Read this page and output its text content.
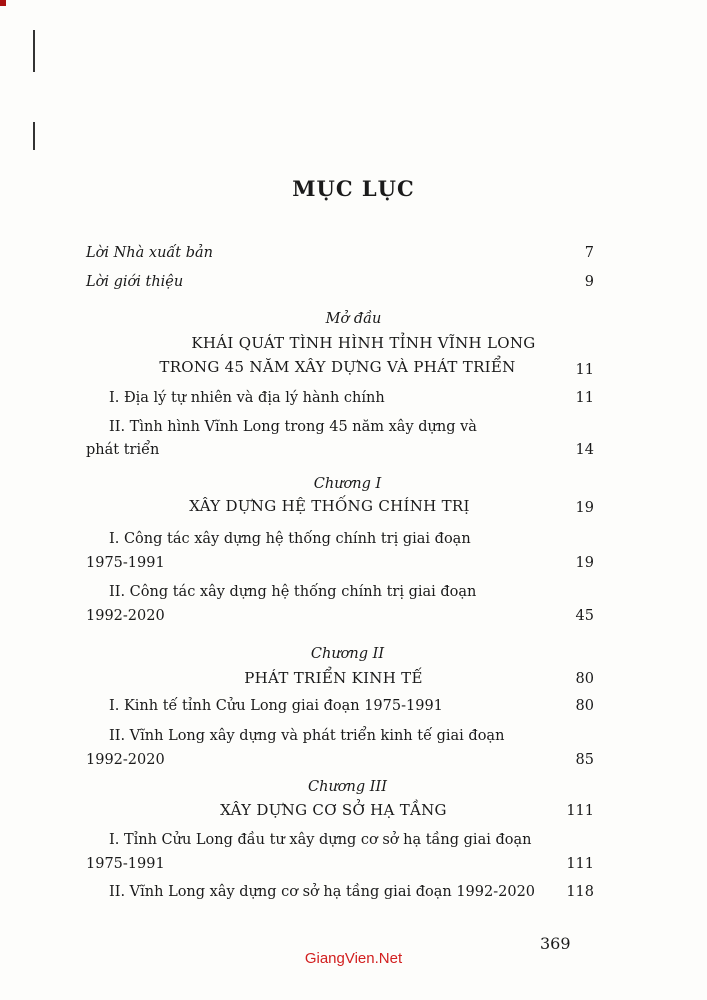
MỤC LỤC
Lời Nhà xuất bản	7
Lời giới thiệu	9
Mở đầu
KHÁI QUÁT TÌNH HÌNH TỈNH VĨNH LONG
TRONG 45 NĂM XÂY DỰNG VÀ PHÁT TRIỂN	11
I. Địa lý tự nhiên và địa lý hành chính	11
II. Tình hình Vĩnh Long trong 45 năm xây dựng và
phát triển	14
Chương I
XÂY DỰNG HỆ THỐNG CHÍNH TRỊ	19
I. Công tác xây dựng hệ thống chính trị giai đoạn
1975-1991	19
II. Công tác xây dựng hệ thống chính trị giai đoạn
1992-2020	45
Chương II
PHÁT TRIỂN KINH TẾ	80
I. Kinh tế tỉnh Cửu Long giai đoạn 1975-1991	80
II. Vĩnh Long xây dựng và phát triển kinh tế giai đoạn
1992-2020	85
Chương III
XÂY DỰNG CƠ SỞ HẠ TẦNG	111
I. Tỉnh Cửu Long đầu tư xây dựng cơ sở hạ tầng giai đoạn
1975-1991	111
II. Vĩnh Long xây dựng cơ sở hạ tầng giai đoạn 1992-2020 118
369
GiangVien.Net
